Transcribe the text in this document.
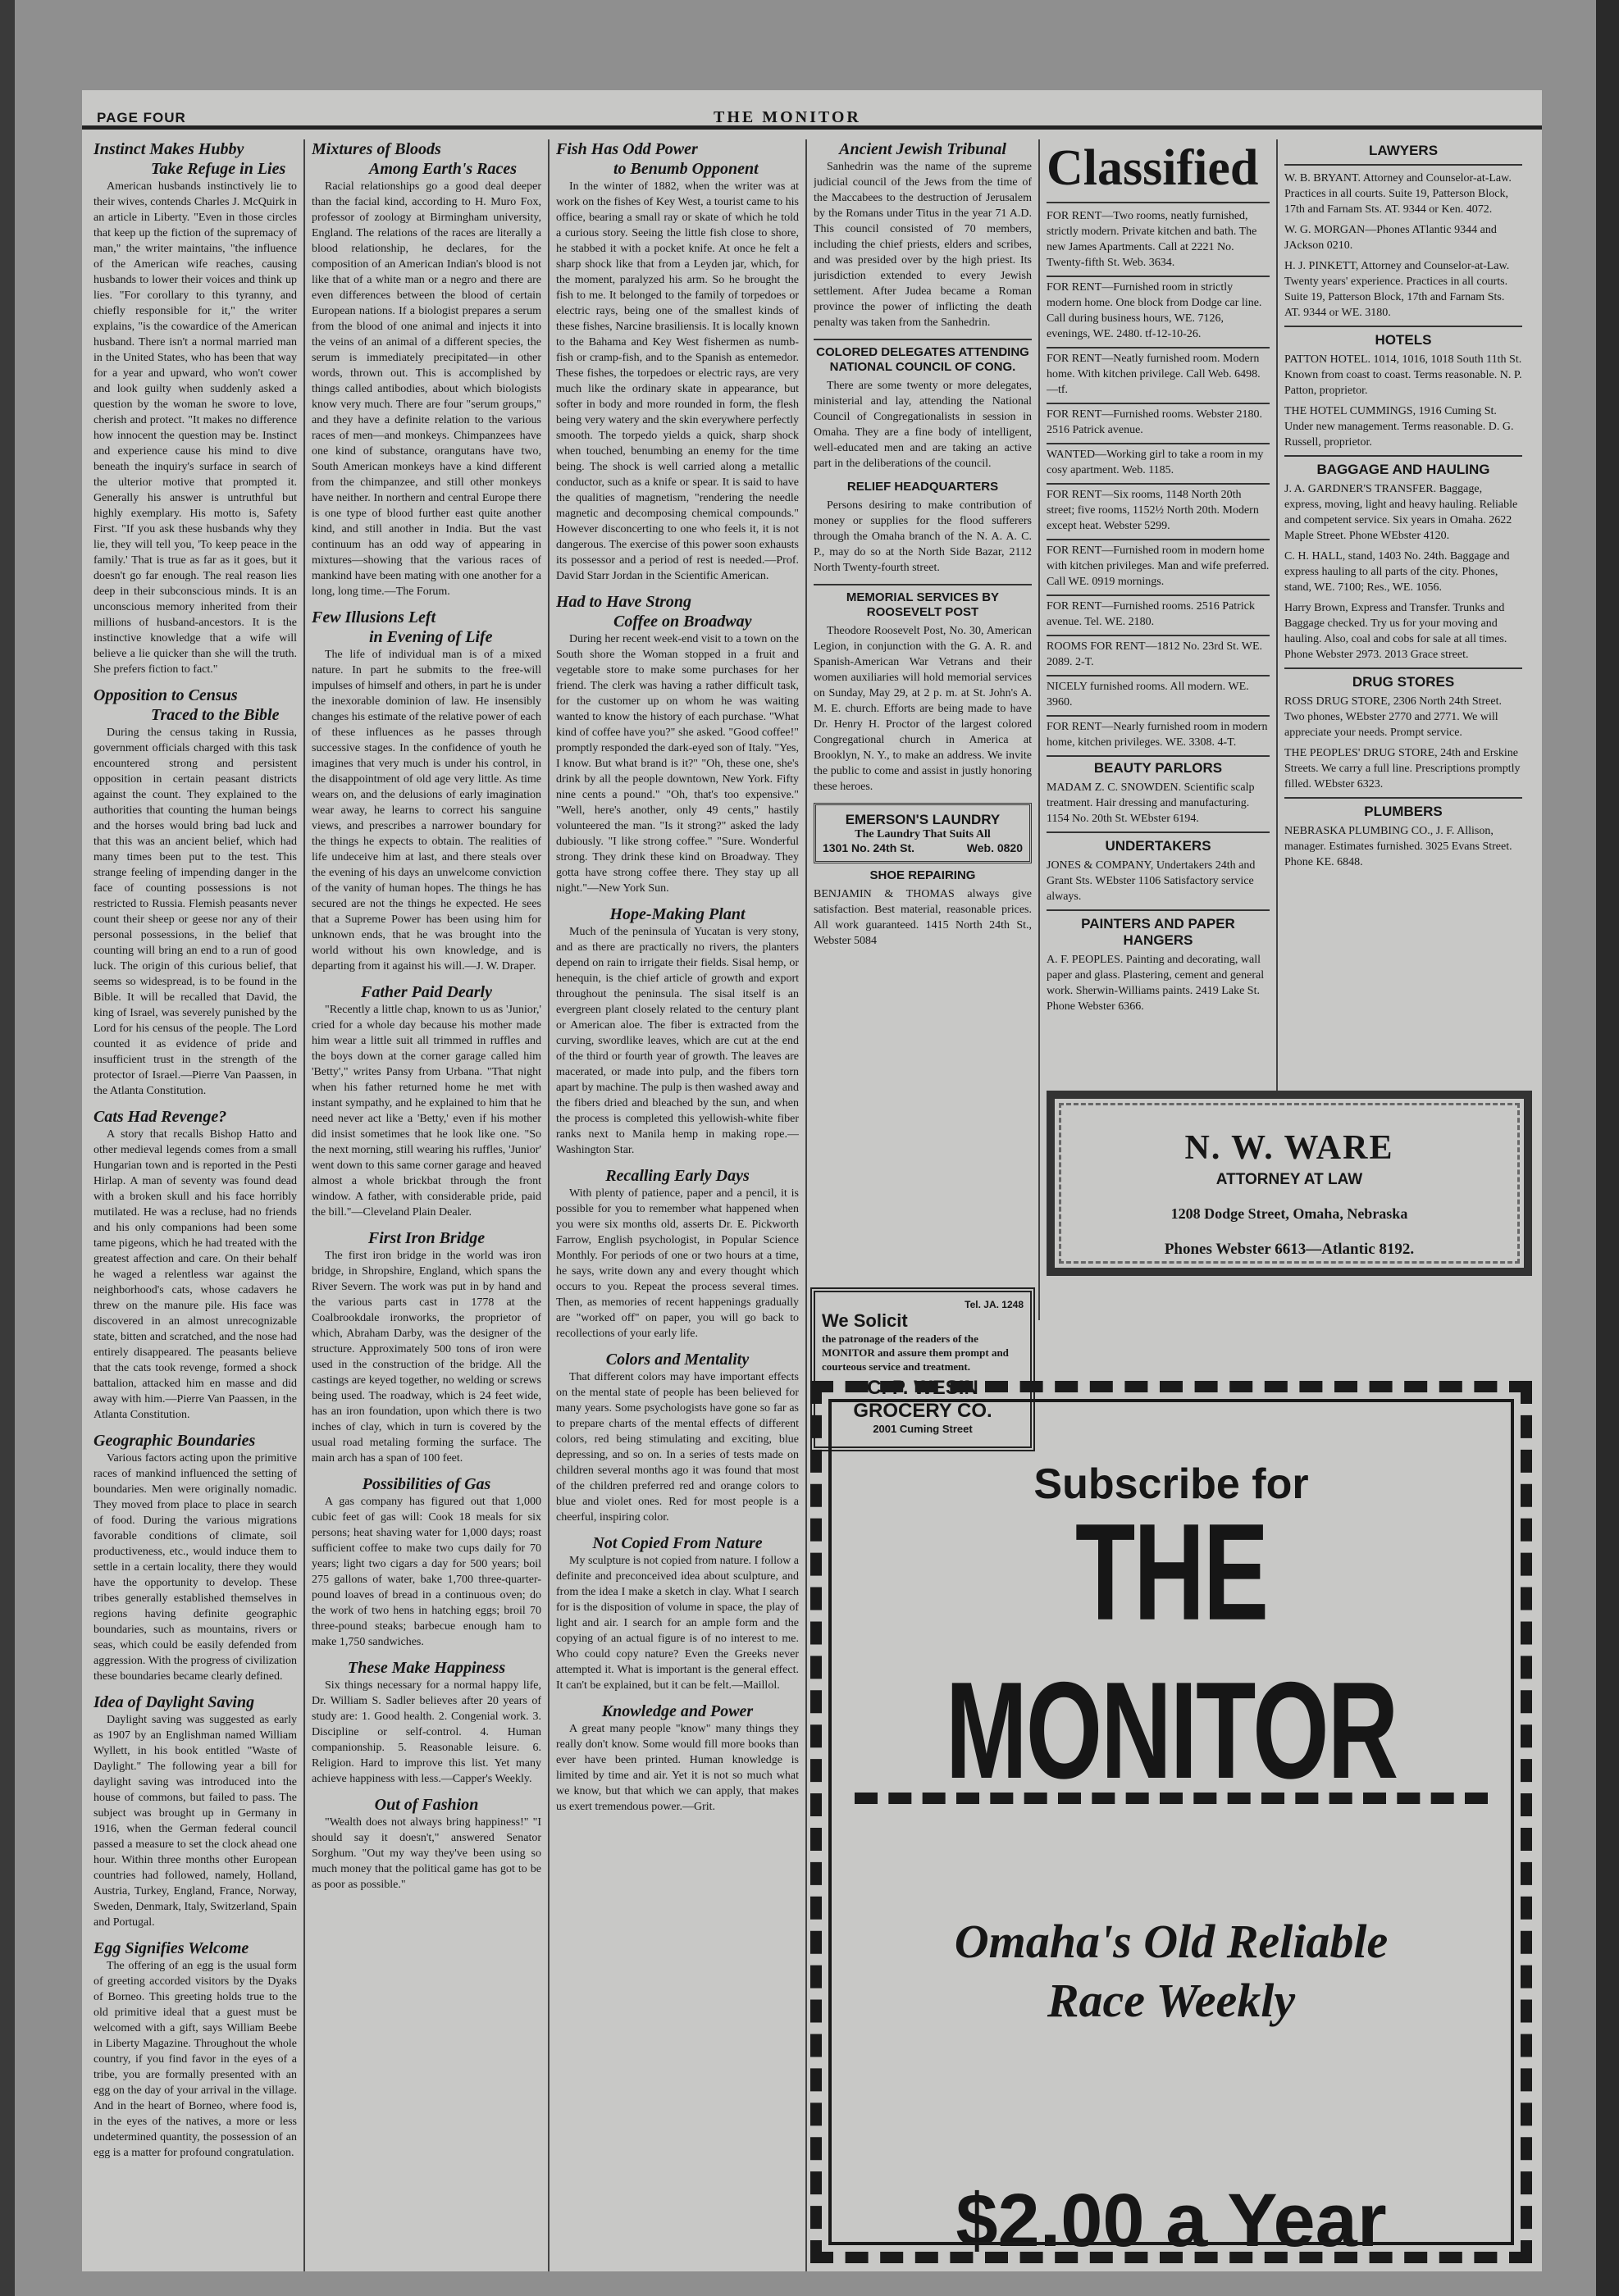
PAGE FOUR	THE MONITOR
Instinct Makes Hubby
Take Refuge in Lies
American husbands instinctively lie to their wives, contends Charles J. McQuirk in an article in Liberty. "Even in those circles that keep up the fiction of the supremacy of man," the writer maintains, "the influence of the American wife reaches, causing husbands to lower their voices and think up lies. "For corollary to this tyranny, and chiefly responsible for it," the writer explains, "is the cowardice of the American husband. There isn't a normal married man in the United States, who has been that way for a year and upward, who won't cower and look guilty when suddenly asked a question by the woman he swore to love, cherish and protect. "It makes no difference how innocent the question may be. Instinct and experience cause his mind to dive beneath the inquiry's surface in search of the ulterior motive that prompted it. Generally his answer is untruthful but highly exemplary. His motto is, Safety First. "If you ask these husbands why they lie, they will tell you, 'To keep peace in the family.' That is true as far as it goes, but it doesn't go far enough. The real reason lies deep in their subconscious minds. It is an unconscious memory inherited from their millions of husband-ancestors. It is the instinctive knowledge that a wife will believe a lie quicker than she will the truth. She prefers fiction to fact."
Opposition to Census
Traced to the Bible
During the census taking in Russia, government officials charged with this task encountered strong and persistent opposition in certain peasant districts against the count. They explained to the authorities that counting the human beings and the horses would bring bad luck and that this was an ancient belief, which had many times been put to the test. This strange feeling of impending danger in the face of counting possessions is not restricted to Russia. Flemish peasants never count their sheep or geese nor any of their personal possessions, in the belief that counting will bring an end to a run of good luck. The origin of this curious belief, that seems so widespread, is to be found in the Bible. It will be recalled that David, the king of Israel, was severely punished by the Lord for his census of the people. The Lord counted it as evidence of pride and insufficient trust in the strength of the protector of Israel.—Pierre Van Paassen, in the Atlanta Constitution.
Cats Had Revenge?
A story that recalls Bishop Hatto and other medieval legends comes from a small Hungarian town and is reported in the Pesti Hirlap. A man of seventy was found dead with a broken skull and his face horribly mutilated. He was a recluse, had no friends and his only companions had been some tame pigeons, which he had treated with the greatest affection and care. On their behalf he waged a relentless war against the neighborhood's cats, whose cadavers he threw on the manure pile. His face was discovered in an almost unrecognizable state, bitten and scratched, and the nose had entirely disappeared. The peasants believe that the cats took revenge, formed a shock battalion, attacked him en masse and did away with him.—Pierre Van Paassen, in the Atlanta Constitution.
Geographic Boundaries
Various factors acting upon the primitive races of mankind influenced the setting of boundaries. Men were originally nomadic. They moved from place to place in search of food. During the various migrations favorable conditions of climate, soil productiveness, etc., would induce them to settle in a certain locality, there they would have the opportunity to develop. These tribes generally established themselves in regions having definite geographic boundaries, such as mountains, rivers or seas, which could be easily defended from aggression. With the progress of civilization these boundaries became clearly defined.
Idea of Daylight Saving
Daylight saving was suggested as early as 1907 by an Englishman named William Wyllett, in his book entitled "Waste of Daylight." The following year a bill for daylight saving was introduced into the house of commons, but failed to pass. The subject was brought up in Germany in 1916, when the German federal council passed a measure to set the clock ahead one hour. Within three months other European countries had followed, namely, Holland, Austria, Turkey, England, France, Norway, Sweden, Denmark, Italy, Switzerland, Spain and Portugal.
Egg Signifies Welcome
The offering of an egg is the usual form of greeting accorded visitors by the Dyaks of Borneo. This greeting holds true to the old primitive ideal that a guest must be welcomed with a gift, says William Beebe in Liberty Magazine. Throughout the whole country, if you find favor in the eyes of a tribe, you are formally presented with an egg on the day of your arrival in the village. And in the heart of Borneo, where food is, in the eyes of the natives, a more or less undetermined quantity, the possession of an egg is a matter for profound congratulation.
Mixtures of Bloods
Among Earth's Races
Racial relationships go a good deal deeper than the facial kind, according to H. Muro Fox, professor of zoology at Birmingham university, England. The relations of the races are literally a blood relationship, he declares, for the composition of an American Indian's blood is not like that of a white man or a negro and there are even differences between the blood of certain European nations. If a biologist prepares a serum from the blood of one animal and injects it into the veins of an animal of a different species, the serum is immediately precipitated—in other words, thrown out. This is accomplished by things called antibodies, about which biologists know very much. There are four "serum groups," and they have a definite relation to the various races of men—and monkeys. Chimpanzees have one kind of substance, orangutans have two, South American monkeys have a kind different from the chimpanzee, and still other monkeys have neither. In northern and central Europe there is one type of blood further east quite another kind, and still another in India. But the vast continuum has an odd way of appearing in mixtures—showing that the various races of mankind have been mating with one another for a long, long time.—The Forum.
Few Illusions Left
in Evening of Life
The life of individual man is of a mixed nature. In part he submits to the free-will impulses of himself and others, in part he is under the inexorable dominion of law. He insensibly changes his estimate of the relative power of each of these influences as he passes through successive stages. In the confidence of youth he imagines that very much is under his control, in the disappointment of old age very little. As time wears on, and the delusions of early imagination wear away, he learns to correct his sanguine views, and prescribes a narrower boundary for the things he expects to obtain. The realities of life undeceive him at last, and there steals over the evening of his days an unwelcome conviction of the vanity of human hopes. The things he has secured are not the things he expected. He sees that a Supreme Power has been using him for unknown ends, that he was brought into the world without his own knowledge, and is departing from it against his will.—J. W. Draper.
Father Paid Dearly
"Recently a little chap, known to us as 'Junior,' cried for a whole day because his mother made him wear a little suit all trimmed in ruffles and the boys down at the corner garage called him 'Betty'," writes Pansy from Urbana. "That night when his father returned home he met with instant sympathy, and he explained to him that he need never act like a 'Betty,' even if his mother did insist sometimes that he look like one. "So the next morning, still wearing his ruffles, 'Junior' went down to this same corner garage and heaved almost a whole brickbat through the front window. A father, with considerable pride, paid the bill."—Cleveland Plain Dealer.
First Iron Bridge
The first iron bridge in the world was iron bridge, in Shropshire, England, which spans the River Severn. The work was put in by hand and the various parts cast in 1778 at the Coalbrookdale ironworks, the proprietor of which, Abraham Darby, was the designer of the structure. Approximately 500 tons of iron were used in the construction of the bridge. All the castings are keyed together, no welding or screws being used. The roadway, which is 24 feet wide, has an iron foundation, upon which there is two inches of clay, which in turn is covered by the usual road metaling forming the surface. The main arch has a span of 100 feet.
Possibilities of Gas
A gas company has figured out that 1,000 cubic feet of gas will: Cook 18 meals for six persons; heat shaving water for 1,000 days; roast sufficient coffee to make two cups daily for 70 years; light two cigars a day for 500 years; boil 275 gallons of water, bake 1,700 three-quarter-pound loaves of bread in a continuous oven; do the work of two hens in hatching eggs; broil 70 three-pound steaks; barbecue enough ham to make 1,750 sandwiches.
These Make Happiness
Six things necessary for a normal happy life, Dr. William S. Sadler believes after 20 years of study are: 1. Good health. 2. Congenial work. 3. Discipline or self-control. 4. Human companionship. 5. Reasonable leisure. 6. Religion. Hard to improve this list. Yet many achieve happiness with less.—Capper's Weekly.
Out of Fashion
"Wealth does not always bring happiness!" "I should say it doesn't," answered Senator Sorghum. "Out my way they've been using so much money that the political game has got to be as poor as possible."
Fish Has Odd Power
to Benumb Opponent
In the winter of 1882, when the writer was at work on the fishes of Key West, a tourist came to his office, bearing a small ray or skate of which he told a curious story. Seeing the little fish close to shore, he stabbed it with a pocket knife. At once he felt a sharp shock like that from a Leyden jar, which, for the moment, paralyzed his arm. So he brought the fish to me. It belonged to the family of torpedoes or electric rays, being one of the smallest kinds of these fishes, Narcine brasiliensis. It is locally known to the Bahama and Key West fishermen as numb-fish or cramp-fish, and to the Spanish as entemedor. These fishes, the torpedoes or electric rays, are very much like the ordinary skate in appearance, but softer in body and more rounded in form, the flesh being very watery and the skin everywhere perfectly smooth. The torpedo yields a quick, sharp shock when touched, benumbing an enemy for the time being. The shock is well carried along a metallic conductor, such as a knife or spear. It is said to have the qualities of magnetism, "rendering the needle magnetic and decomposing chemical compounds." However disconcerting to one who feels it, it is not dangerous. The exercise of this power soon exhausts its possessor and a period of rest is needed.—Prof. David Starr Jordan in the Scientific American.
Had to Have Strong
Coffee on Broadway
During her recent week-end visit to a town on the South shore the Woman stopped in a fruit and vegetable store to make some purchases for her friend. The clerk was having a rather difficult task, for the customer up on whom he was waiting wanted to know the history of each purchase. "What kind of coffee have you?" she asked. "Good coffee!" promptly responded the dark-eyed son of Italy. "Yes, I know. But what brand is it?" "Oh, these one, she's drink by all the people downtown, New York. Fifty nine cents a pound." "Oh, that's too expensive." "Well, here's another, only 49 cents," hastily volunteered the man. "Is it strong?" asked the lady dubiously. "I like strong coffee." "Sure. Wonderful strong. They drink these kind on Broadway. They gotta have strong coffee there. They stay up all night."—New York Sun.
Hope-Making Plant
Much of the peninsula of Yucatan is very stony, and as there are practically no rivers, the planters depend on rain to irrigate their fields. Sisal hemp, or henequin, is the chief article of growth and export throughout the peninsula. The sisal itself is an evergreen plant closely related to the century plant or American aloe. The fiber is extracted from the curving, swordlike leaves, which are cut at the end of the third or fourth year of growth. The leaves are macerated, or made into pulp, and the fibers torn apart by machine. The pulp is then washed away and the fibers dried and bleached by the sun, and when the process is completed this yellowish-white fiber ranks next to Manila hemp in making rope.—Washington Star.
Recalling Early Days
With plenty of patience, paper and a pencil, it is possible for you to remember what happened when you were six months old, asserts Dr. E. Pickworth Farrow, English psychologist, in Popular Science Monthly. For periods of one or two hours at a time, he says, write down any and every thought which occurs to you. Repeat the process several times. Then, as memories of recent happenings gradually are "worked off" on paper, you will go back to recollections of your early life.
Colors and Mentality
That different colors may have important effects on the mental state of people has been believed for many years. Some psychologists have gone so far as to prepare charts of the mental effects of different colors, red being stimulating and exciting, blue depressing, and so on. In a series of tests made on children several months ago it was found that most of the children preferred red and orange colors to blue and violet ones. Red for most people is a cheerful, inspiring color.
Not Copied From Nature
My sculpture is not copied from nature. I follow a definite and preconceived idea about sculpture, and from the idea I make a sketch in clay. What I search for is the disposition of volume in space, the play of light and air. I search for an ample form and the copying of an actual figure is of no interest to me. Who could copy nature? Even the Greeks never attempted it. What is important is the general effect. It can't be explained, but it can be felt.—Maillol.
Knowledge and Power
A great many people "know" many things they really don't know. Some would fill more books than ever have been printed. Human knowledge is limited by time and air. Yet it is not so much what we know, but that which we can apply, that makes us exert tremendous power.—Grit.
Ancient Jewish Tribunal
Sanhedrin was the name of the supreme judicial council of the Jews from the time of the Maccabees to the destruction of Jerusalem by the Romans under Titus in the year 71 A.D. This council consisted of 70 members, including the chief priests, elders and scribes, and was presided over by the high priest. Its jurisdiction extended to every Jewish settlement. After Judea became a Roman province the power of inflicting the death penalty was taken from the Sanhedrin.
COLORED DELEGATES ATTENDING NATIONAL COUNCIL OF CONG.
There are some twenty or more delegates, ministerial and lay, attending the National Council of Congregationalists in session in Omaha. They are a fine body of intelligent, well-educated men and are taking an active part in the deliberations of the council.
RELIEF HEADQUARTERS
Persons desiring to make contribution of money or supplies for the flood sufferers through the Omaha branch of the N. A. A. C. P., may do so at the North Side Bazar, 2112 North Twenty-fourth street.
MEMORIAL SERVICES BY ROOSEVELT POST
Theodore Roosevelt Post, No. 30, American Legion, in conjunction with the G. A. R. and Spanish-American War Vetrans and their women auxiliaries will hold memorial services on Sunday, May 29, at 2 p. m. at St. John's A. M. E. church. Efforts are being made to have Dr. Henry H. Proctor of the largest colored Congregational church in America at Brooklyn, N. Y., to make an address. We invite the public to come and assist in justly honoring these heroes.
EMERSON'S LAUNDRY
The Laundry That Suits All
1301 No. 24th St.	Web. 0820
SHOE REPAIRING
BENJAMIN & THOMAS always give satisfaction. Best material, reasonable prices. All work guaranteed. 1415 North 24th St., Webster 5084
Tel. JA. 1248
We Solicit
the patronage of the readers of the MONITOR and assure them prompt and courteous service and treatment.
C. P. WESIN
GROCERY CO.
2001 Cuming Street
Classified
FOR RENT—Two rooms, neatly furnished, strictly modern. Private kitchen and bath. The new James Apartments. Call at 2221 No. Twenty-fifth St. Web. 3634.
FOR RENT—Furnished room in strictly modern home. One block from Dodge car line. Call during business hours, WE. 7126, evenings, WE. 2480. tf-12-10-26.
FOR RENT—Neatly furnished room. Modern home. With kitchen privilege. Call Web. 6498. —tf.
FOR RENT—Furnished rooms. Webster 2180. 2516 Patrick avenue.
WANTED—Working girl to take a room in my cosy apartment. Web. 1185.
FOR RENT—Six rooms, 1148 North 20th street; five rooms, 1152½ North 20th. Modern except heat. Webster 5299.
FOR RENT—Furnished room in modern home with kitchen privileges. Man and wife preferred. Call WE. 0919 mornings.
FOR RENT—Furnished rooms. 2516 Patrick avenue. Tel. WE. 2180.
ROOMS FOR RENT—1812 No. 23rd St. WE. 2089. 2-T.
NICELY furnished rooms. All modern. WE. 3960.
FOR RENT—Nearly furnished room in modern home, kitchen privileges. WE. 3308. 4-T.
BEAUTY PARLORS
MADAM Z. C. SNOWDEN. Scientific scalp treatment. Hair dressing and manufacturing. 1154 No. 20th St. WEbster 6194.
UNDERTAKERS
JONES & COMPANY, Undertakers 24th and Grant Sts. WEbster 1106 Satisfactory service always.
PAINTERS AND PAPER HANGERS
A. F. PEOPLES. Painting and decorating, wall paper and glass. Plastering, cement and general work. Sherwin-Williams paints. 2419 Lake St. Phone Webster 6366.
LAWYERS
W. B. BRYANT. Attorney and Counselor-at-Law. Practices in all courts. Suite 19, Patterson Block, 17th and Farnam Sts. AT. 9344 or Ken. 4072.
W. G. MORGAN—Phones ATlantic 9344 and JAckson 0210.
H. J. PINKETT, Attorney and Counselor-at-Law. Twenty years' experience. Practices in all courts. Suite 19, Patterson Block, 17th and Farnam Sts. AT. 9344 or WE. 3180.
HOTELS
PATTON HOTEL. 1014, 1016, 1018 South 11th St. Known from coast to coast. Terms reasonable. N. P. Patton, proprietor.
THE HOTEL CUMMINGS, 1916 Cuming St. Under new management. Terms reasonable. D. G. Russell, proprietor.
BAGGAGE AND HAULING
J. A. GARDNER'S TRANSFER. Baggage, express, moving, light and heavy hauling. Reliable and competent service. Six years in Omaha. 2622 Maple Street. Phone WEbster 4120.
C. H. HALL, stand, 1403 No. 24th. Baggage and express hauling to all parts of the city. Phones, stand, WE. 7100; Res., WE. 1056.
Harry Brown, Express and Transfer. Trunks and Baggage checked. Try us for your moving and hauling. Also, coal and cobs for sale at all times. Phone Webster 2973. 2013 Grace street.
DRUG STORES
ROSS DRUG STORE, 2306 North 24th Street. Two phones, WEbster 2770 and 2771. We will appreciate your needs. Prompt service.
THE PEOPLES' DRUG STORE, 24th and Erskine Streets. We carry a full line. Prescriptions promptly filled. WEbster 6323.
PLUMBERS
NEBRASKA PLUMBING CO., J. F. Allison, manager. Estimates furnished. 3025 Evans Street. Phone KE. 6848.
N. W. WARE
ATTORNEY AT LAW
1208 Dodge Street, Omaha, Nebraska
Phones Webster 6613—Atlantic 8192.
Subscribe for
THE MONITOR
Omaha's Old Reliable
Race Weekly
$2.00 a Year
